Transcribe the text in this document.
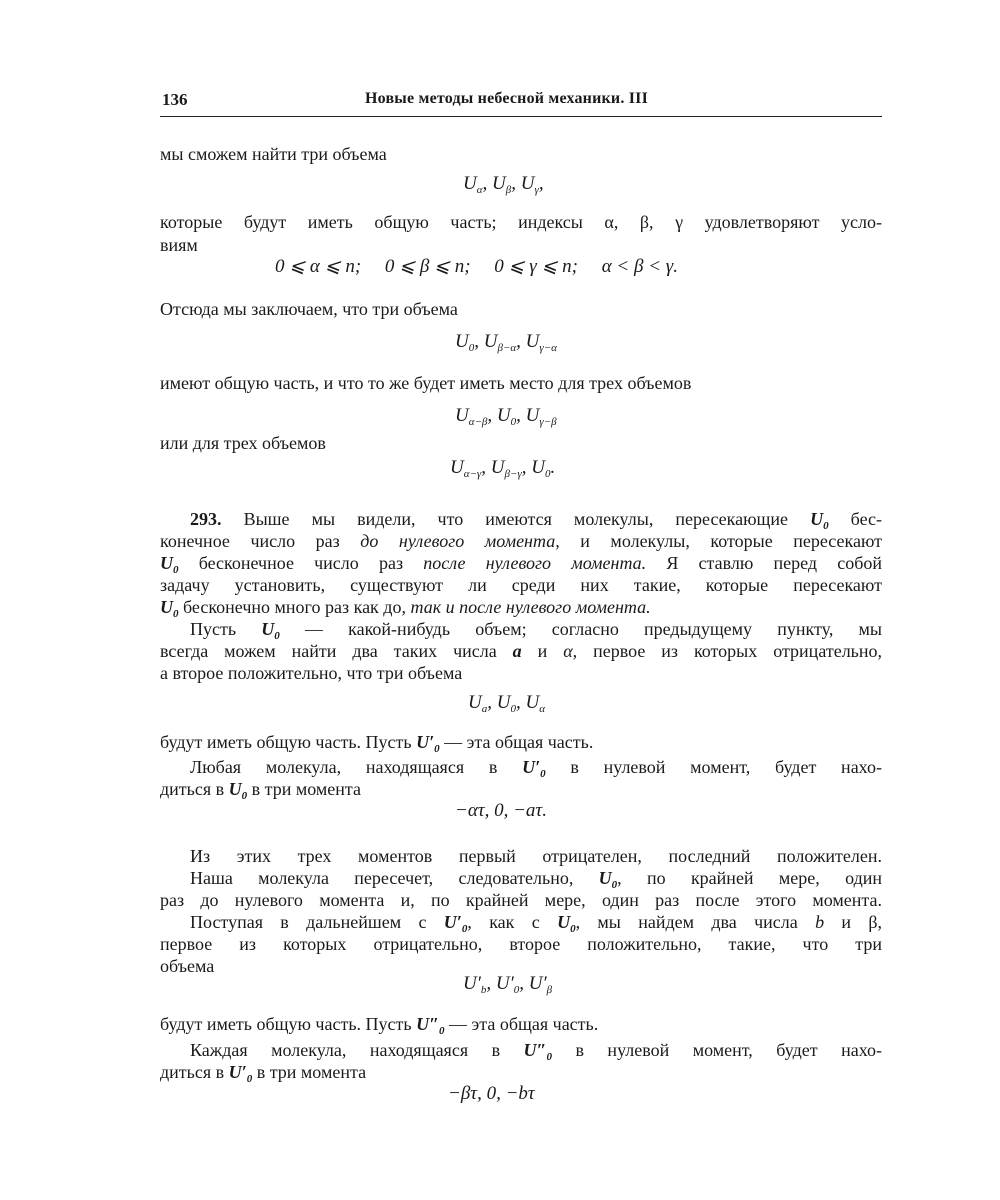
136	Новые методы небесной механики. III
мы сможем найти три объема
$U_\alpha$, $U_\beta$, $U_\gamma$,
которые будут иметь общую часть; индексы α, β, γ удовлетворяют усло-
виям
0 ⩽ α ⩽ n;     0 ⩽ β ⩽ n;     0 ⩽ γ ⩽ n;     α < β < γ.
Отсюда мы заключаем, что три объема
$U_0$, $U_{\beta-\alpha}$, $U_{\gamma-\alpha}$
имеют общую часть, и что то же будет иметь место для трех объемов
$U_{\alpha-\beta}$, $U_0$, $U_{\gamma-\beta}$
или для трех объемов
$U_{\alpha-\gamma}$, $U_{\beta-\gamma}$, $U_0$.
293. Выше мы видели, что имеются молекулы, пересекающие $U_0$ бес-
конечное число раз до нулевого момента, и молекулы, которые пересекают
$U_0$ бесконечное число раз после нулевого момента. Я ставлю перед собой
задачу установить, существуют ли среди них такие, которые пересекают
$U_0$ бесконечно много раз как до, так и после нулевого момента.
Пусть $U_0$ — какой-нибудь объем; согласно предыдущему пункту, мы
всегда можем найти два таких числа a и α, первое из которых отрицательно,
а второе положительно, что три объема
$U_a$, $U_0$, $U_\alpha$
будут иметь общую часть. Пусть $U'_0$ — эта общая часть.
Любая молекула, находящаяся в $U'_0$ в нулевой момент, будет нахо-
диться в $U_0$ в три момента
−ατ, 0, −aτ.
Из этих трех моментов первый отрицателен, последний положителен.
Наша молекула пересечет, следовательно, $U_0$, по крайней мере, один
раз до нулевого момента и, по крайней мере, один раз после этого момента.
Поступая в дальнейшем с $U'_0$, как с $U_0$, мы найдем два числа b и β,
первое из которых отрицательно, второе положительно, такие, что три
объема
$U'_b$, $U'_0$, $U'_\beta$
будут иметь общую часть. Пусть $U''_0$ — эта общая часть.
Каждая молекула, находящаяся в $U''_0$ в нулевой момент, будет нахо-
диться в $U'_0$ в три момента
−βτ, 0, −bτ
